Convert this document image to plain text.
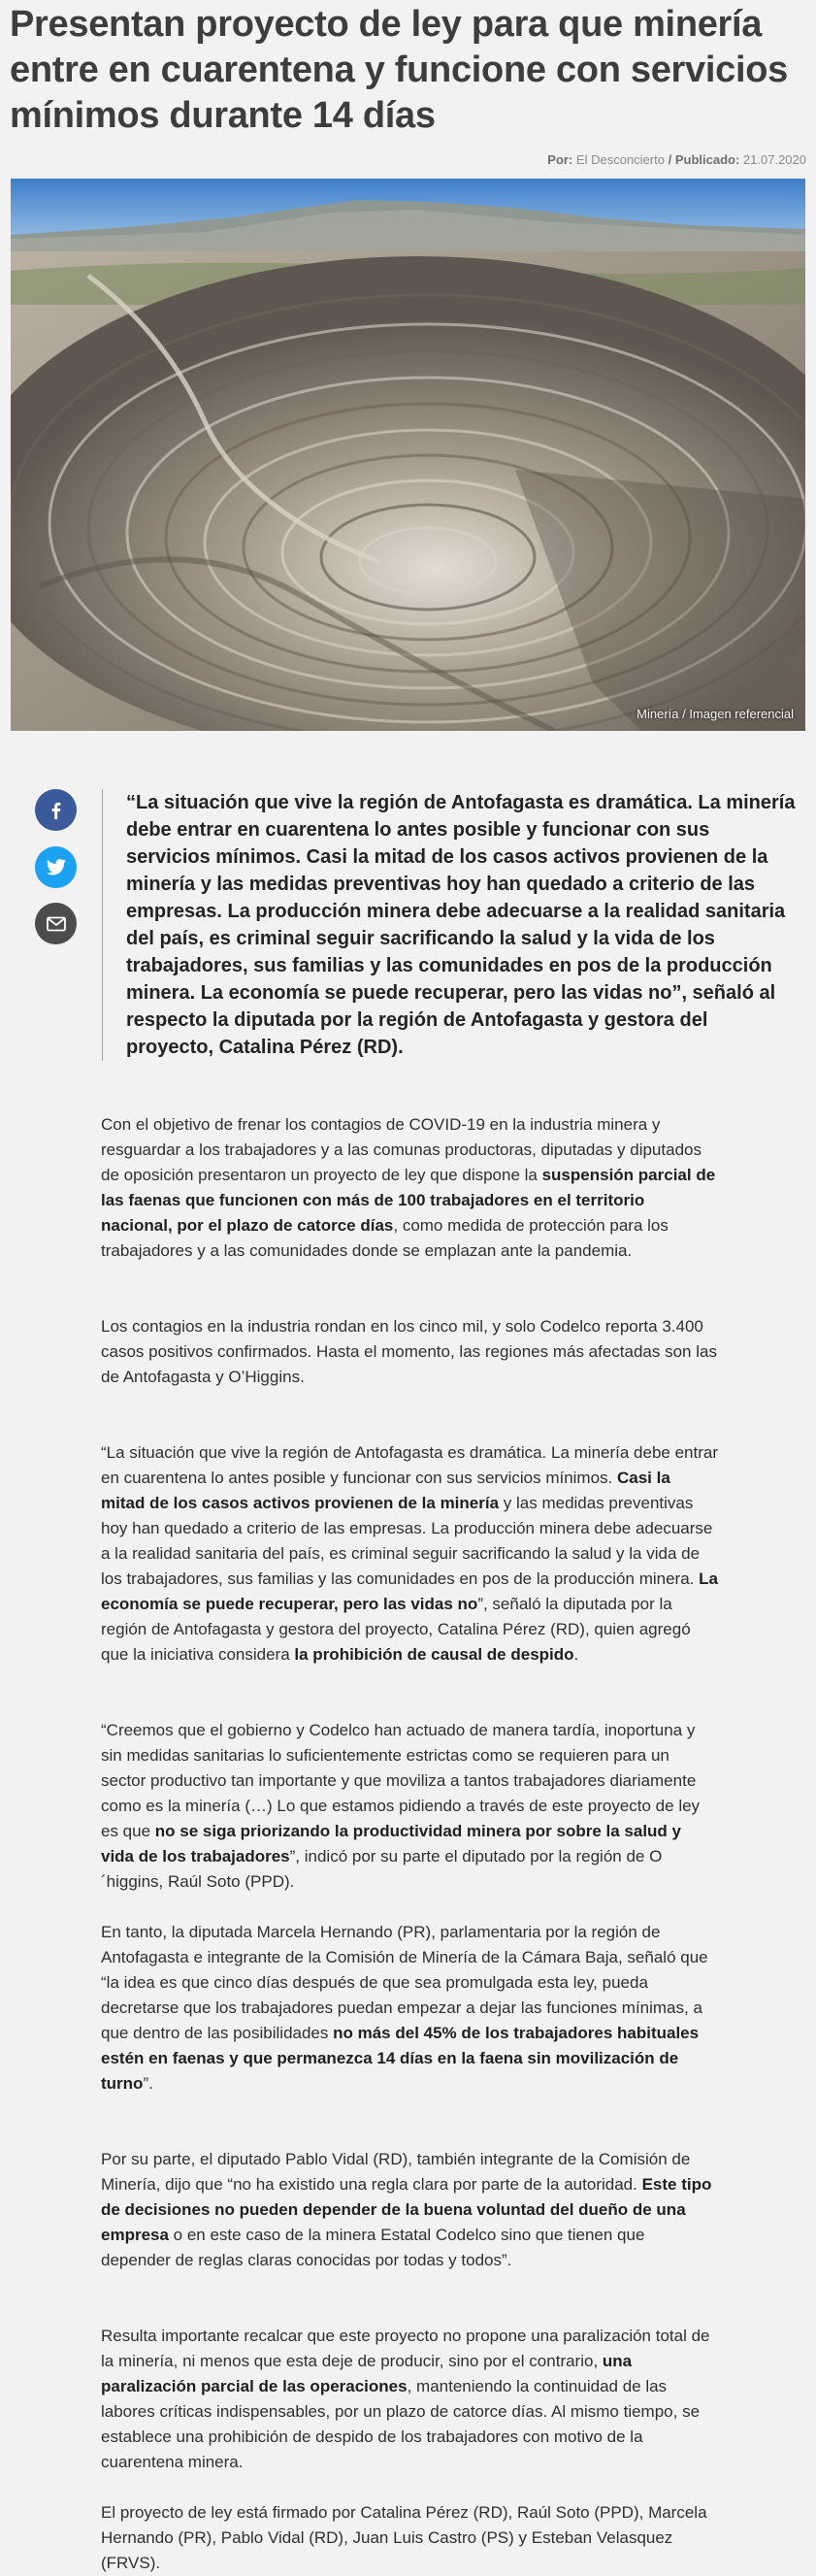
Presentan proyecto de ley para que minería entre en cuarentena y funcione con servicios mínimos durante 14 días
Por: El Desconcierto / Publicado: 21.07.2020
Minería / Imagen referencial

“La situación que vive la región de Antofagasta es dramática. La minería debe entrar en cuarentena lo antes posible y funcionar con sus servicios mínimos. Casi la mitad de los casos activos provienen de la minería y las medidas preventivas hoy han quedado a criterio de las empresas. La producción minera debe adecuarse a la realidad sanitaria del país, es criminal seguir sacrificando la salud y la vida de los trabajadores, sus familias y las comunidades en pos de la producción minera. La economía se puede recuperar, pero las vidas no”, señaló al respecto la diputada por la región de Antofagasta y gestora del proyecto, Catalina Pérez (RD).

Con el objetivo de frenar los contagios de COVID-19 en la industria minera y resguardar a los trabajadores y a las comunas productoras, diputadas y diputados de oposición presentaron un proyecto de ley que dispone la suspensión parcial de las faenas que funcionen con más de 100 trabajadores en el territorio nacional, por el plazo de catorce días, como medida de protección para los trabajadores y a las comunidades donde se emplazan ante la pandemia.

Los contagios en la industria rondan en los cinco mil, y solo Codelco reporta 3.400 casos positivos confirmados. Hasta el momento, las regiones más afectadas son las de Antofagasta y O’Higgins.

“La situación que vive la región de Antofagasta es dramática. La minería debe entrar en cuarentena lo antes posible y funcionar con sus servicios mínimos. Casi la mitad de los casos activos provienen de la minería y las medidas preventivas hoy han quedado a criterio de las empresas. La producción minera debe adecuarse a la realidad sanitaria del país, es criminal seguir sacrificando la salud y la vida de los trabajadores, sus familias y las comunidades en pos de la producción minera. La economía se puede recuperar, pero las vidas no”, señaló la diputada por la región de Antofagasta y gestora del proyecto, Catalina Pérez (RD), quien agregó que la iniciativa considera la prohibición de causal de despido.

“Creemos que el gobierno y Codelco han actuado de manera tardía, inoportuna y sin medidas sanitarias lo suficientemente estrictas como se requieren para un sector productivo tan importante y que moviliza a tantos trabajadores diariamente como es la minería (…) Lo que estamos pidiendo a través de este proyecto de ley es que no se siga priorizando la productividad minera por sobre la salud y vida de los trabajadores”, indicó por su parte el diputado por la región de O´higgins, Raúl Soto (PPD).

En tanto, la diputada Marcela Hernando (PR), parlamentaria por la región de Antofagasta e integrante de la Comisión de Minería de la Cámara Baja, señaló que “la idea es que cinco días después de que sea promulgada esta ley, pueda decretarse que los trabajadores puedan empezar a dejar las funciones mínimas, a que dentro de las posibilidades no más del 45% de los trabajadores habituales estén en faenas y que permanezca 14 días en la faena sin movilización de turno”.

Por su parte, el diputado Pablo Vidal (RD), también integrante de la Comisión de Minería, dijo que “no ha existido una regla clara por parte de la autoridad. Este tipo de decisiones no pueden depender de la buena voluntad del dueño de una empresa o en este caso de la minera Estatal Codelco sino que tienen que depender de reglas claras conocidas por todas y todos”.

Resulta importante recalcar que este proyecto no propone una paralización total de la minería, ni menos que esta deje de producir, sino por el contrario, una paralización parcial de las operaciones, manteniendo la continuidad de las labores críticas indispensables, por un plazo de catorce días. Al mismo tiempo, se establece una prohibición de despido de los trabajadores con motivo de la cuarentena minera.

El proyecto de ley está firmado por Catalina Pérez (RD), Raúl Soto (PPD), Marcela Hernando (PR), Pablo Vidal (RD), Juan Luis Castro (PS) y Esteban Velasquez (FRVS).
